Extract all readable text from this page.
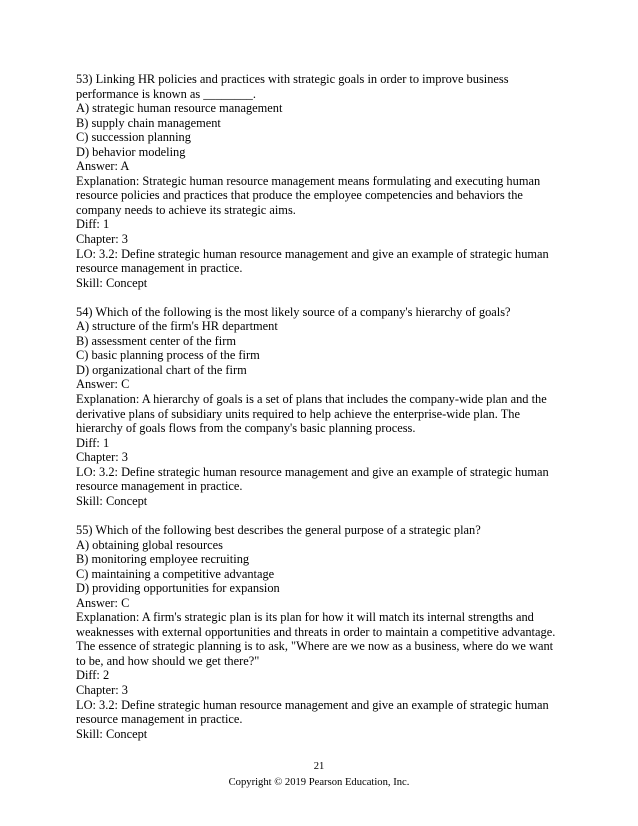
53) Linking HR policies and practices with strategic goals in order to improve business
performance is known as ________.
A) strategic human resource management
B) supply chain management
C) succession planning
D) behavior modeling
Answer: A
Explanation: Strategic human resource management means formulating and executing human
resource policies and practices that produce the employee competencies and behaviors the
company needs to achieve its strategic aims.
Diff: 1
Chapter: 3
LO: 3.2: Define strategic human resource management and give an example of strategic human
resource management in practice.
Skill: Concept
54) Which of the following is the most likely source of a company's hierarchy of goals?
A) structure of the firm's HR department
B) assessment center of the firm
C) basic planning process of the firm
D) organizational chart of the firm
Answer: C
Explanation: A hierarchy of goals is a set of plans that includes the company-wide plan and the
derivative plans of subsidiary units required to help achieve the enterprise-wide plan. The
hierarchy of goals flows from the company's basic planning process.
Diff: 1
Chapter: 3
LO: 3.2: Define strategic human resource management and give an example of strategic human
resource management in practice.
Skill: Concept
55) Which of the following best describes the general purpose of a strategic plan?
A) obtaining global resources
B) monitoring employee recruiting
C) maintaining a competitive advantage
D) providing opportunities for expansion
Answer: C
Explanation: A firm's strategic plan is its plan for how it will match its internal strengths and
weaknesses with external opportunities and threats in order to maintain a competitive advantage.
The essence of strategic planning is to ask, "Where are we now as a business, where do we want
to be, and how should we get there?"
Diff: 2
Chapter: 3
LO: 3.2: Define strategic human resource management and give an example of strategic human
resource management in practice.
Skill: Concept
21
Copyright © 2019 Pearson Education, Inc.
